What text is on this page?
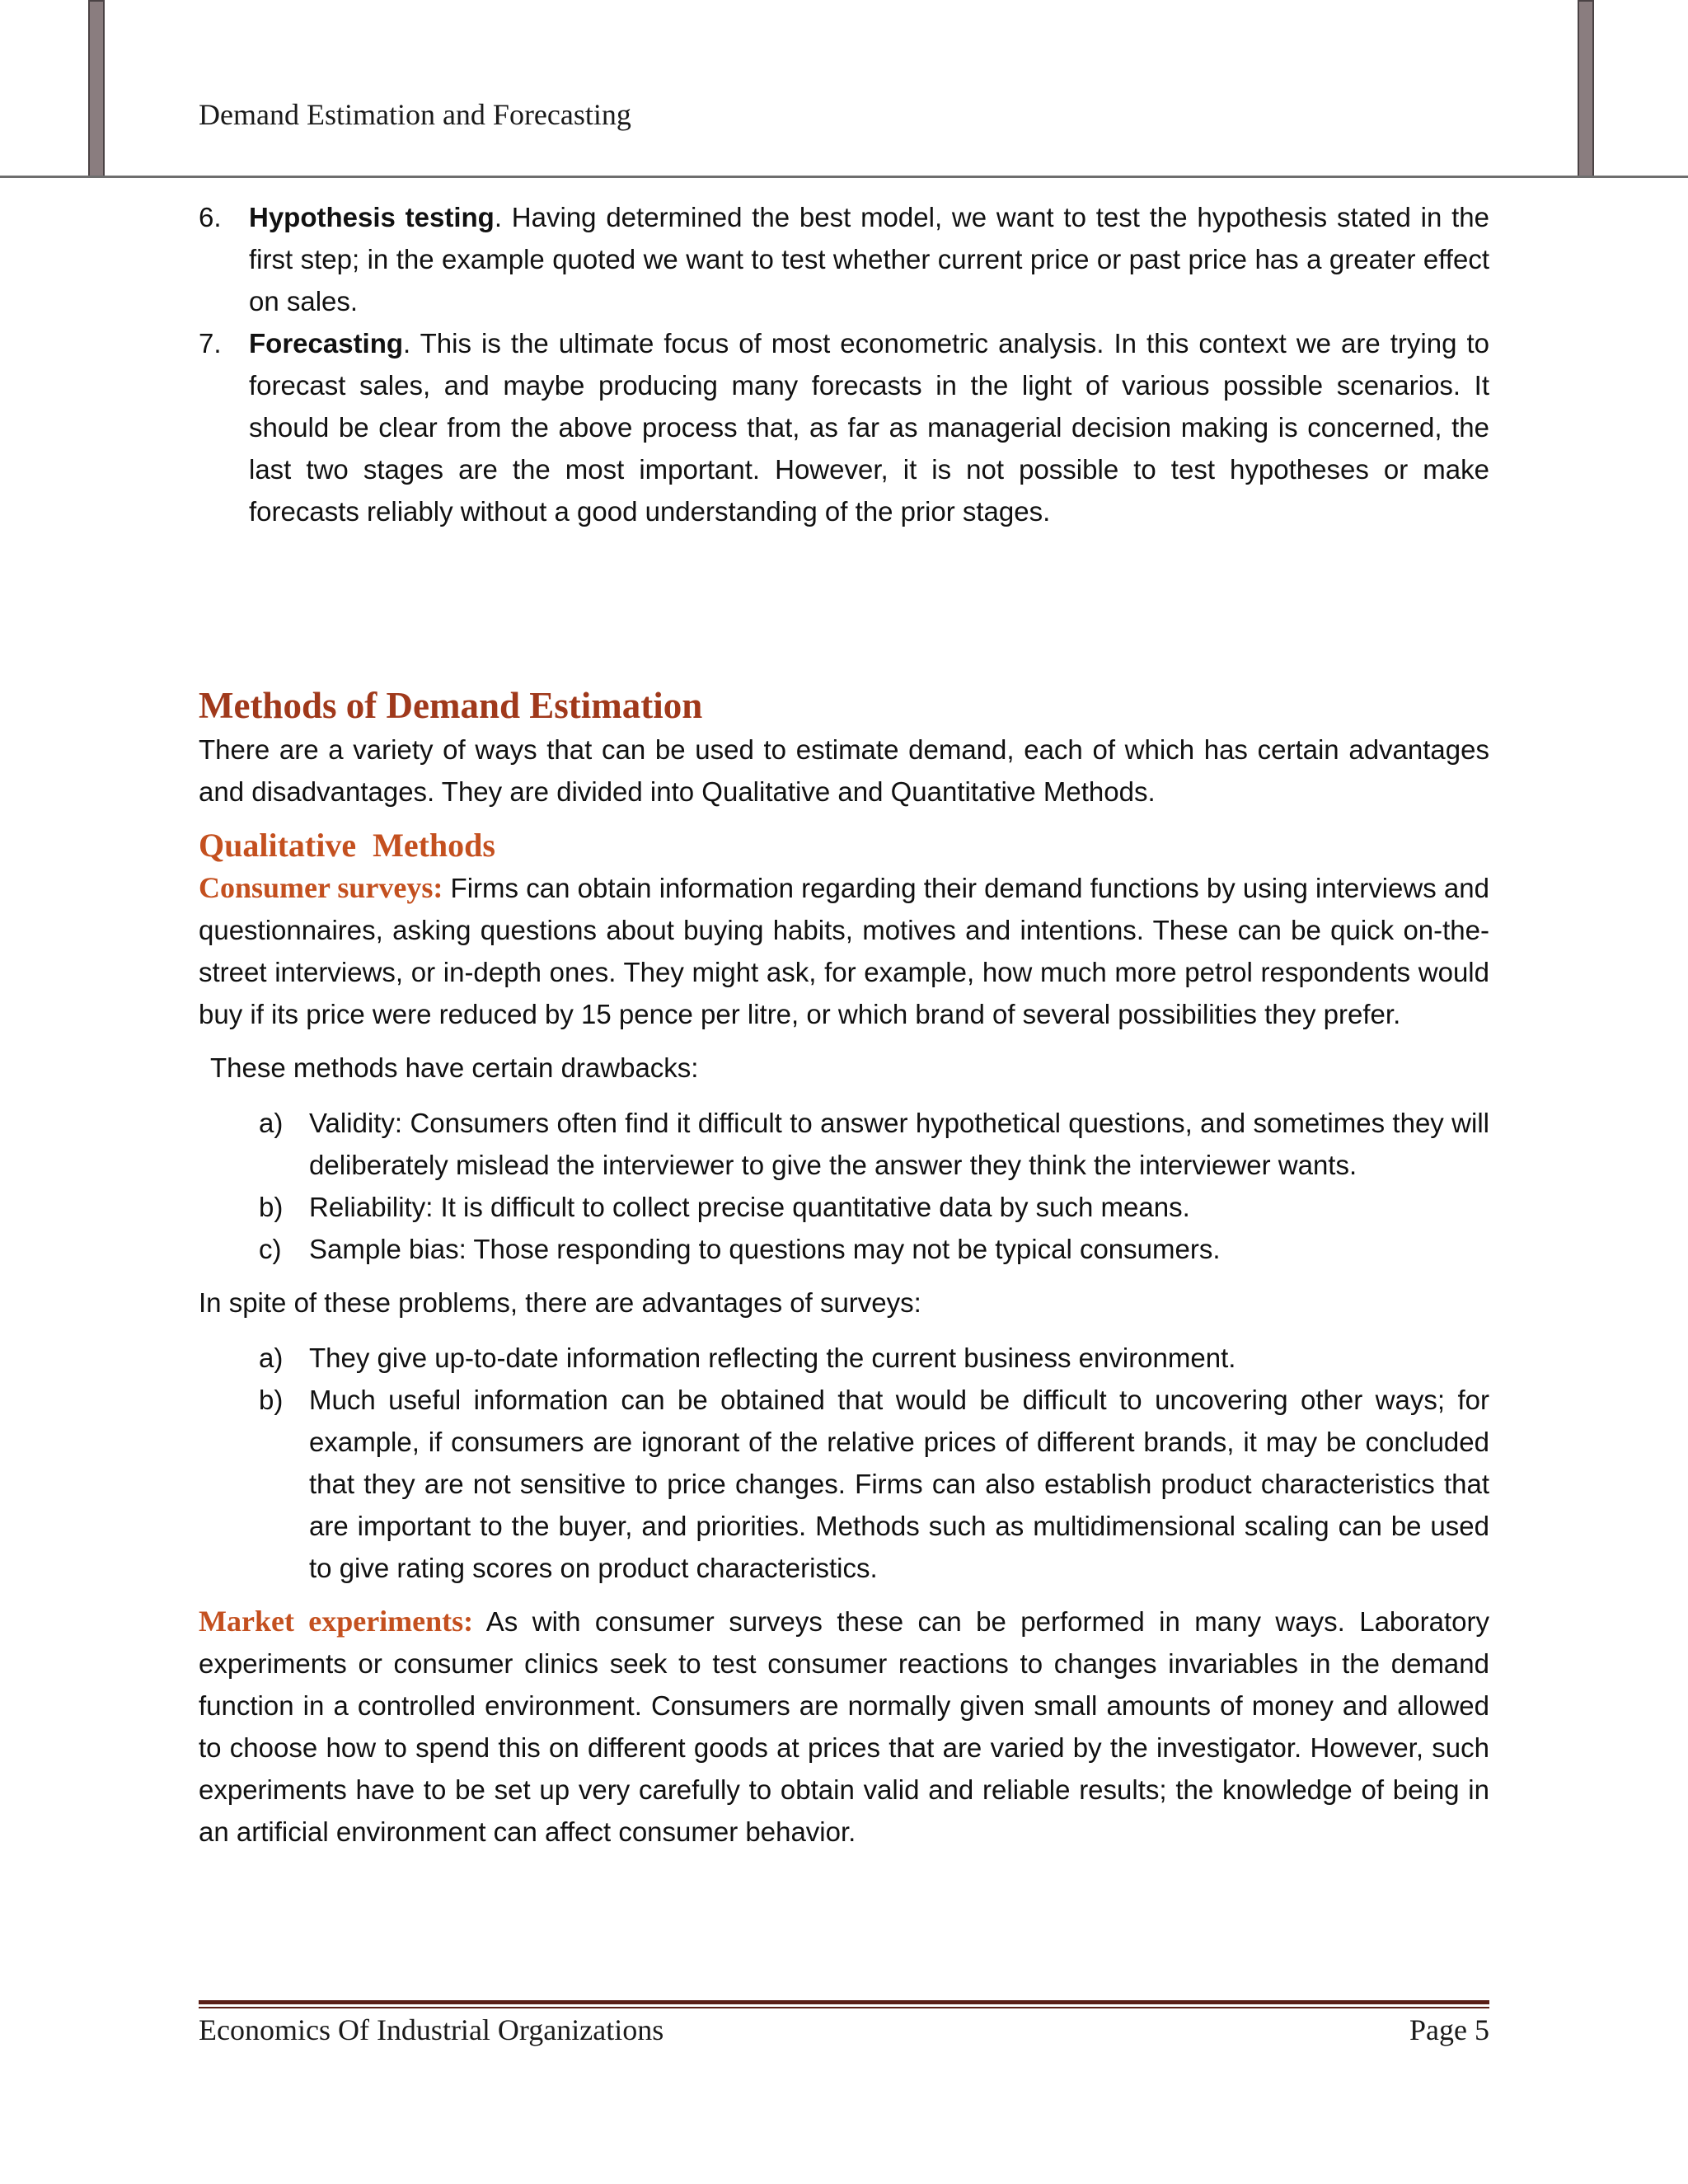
Demand Estimation and Forecasting

6. Hypothesis testing. Having determined the best model, we want to test the hypothesis stated in the first step; in the example quoted we want to test whether current price or past price has a greater effect on sales.

7. Forecasting. This is the ultimate focus of most econometric analysis. In this context we are trying to forecast sales, and maybe producing many forecasts in the light of various possible scenarios. It should be clear from the above process that, as far as managerial decision making is concerned, the last two stages are the most important. However, it is not possible to test hypotheses or make forecasts reliably without a good understanding of the prior stages.

Methods of Demand Estimation

There are a variety of ways that can be used to estimate demand, each of which has certain advantages and disadvantages. They are divided into Qualitative and Quantitative Methods.

Qualitative  Methods

Consumer surveys: Firms can obtain information regarding their demand functions by using interviews and questionnaires, asking questions about buying habits, motives and intentions. These can be quick on-the-street interviews, or in-depth ones. They might ask, for example, how much more petrol respondents would buy if its price were reduced by 15 pence per litre, or which brand of several possibilities they prefer.

These methods have certain drawbacks:

a) Validity: Consumers often find it difficult to answer hypothetical questions, and sometimes they will deliberately mislead the interviewer to give the answer they think the interviewer wants.
b) Reliability: It is difficult to collect precise quantitative data by such means.
c) Sample bias: Those responding to questions may not be typical consumers.

In spite of these problems, there are advantages of surveys:

a) They give up-to-date information reflecting the current business environment.
b) Much useful information can be obtained that would be difficult to uncovering other ways; for example, if consumers are ignorant of the relative prices of different brands, it may be concluded that they are not sensitive to price changes. Firms can also establish product characteristics that are important to the buyer, and priorities. Methods such as multidimensional scaling can be used to give rating scores on product characteristics.

Market experiments: As with consumer surveys these can be performed in many ways. Laboratory experiments or consumer clinics seek to test consumer reactions to changes invariables in the demand function in a controlled environment. Consumers are normally given small amounts of money and allowed to choose how to spend this on different goods at prices that are varied by the investigator. However, such experiments have to be set up very carefully to obtain valid and reliable results; the knowledge of being in an artificial environment can affect consumer behavior.

Economics Of Industrial Organizations	Page 5
